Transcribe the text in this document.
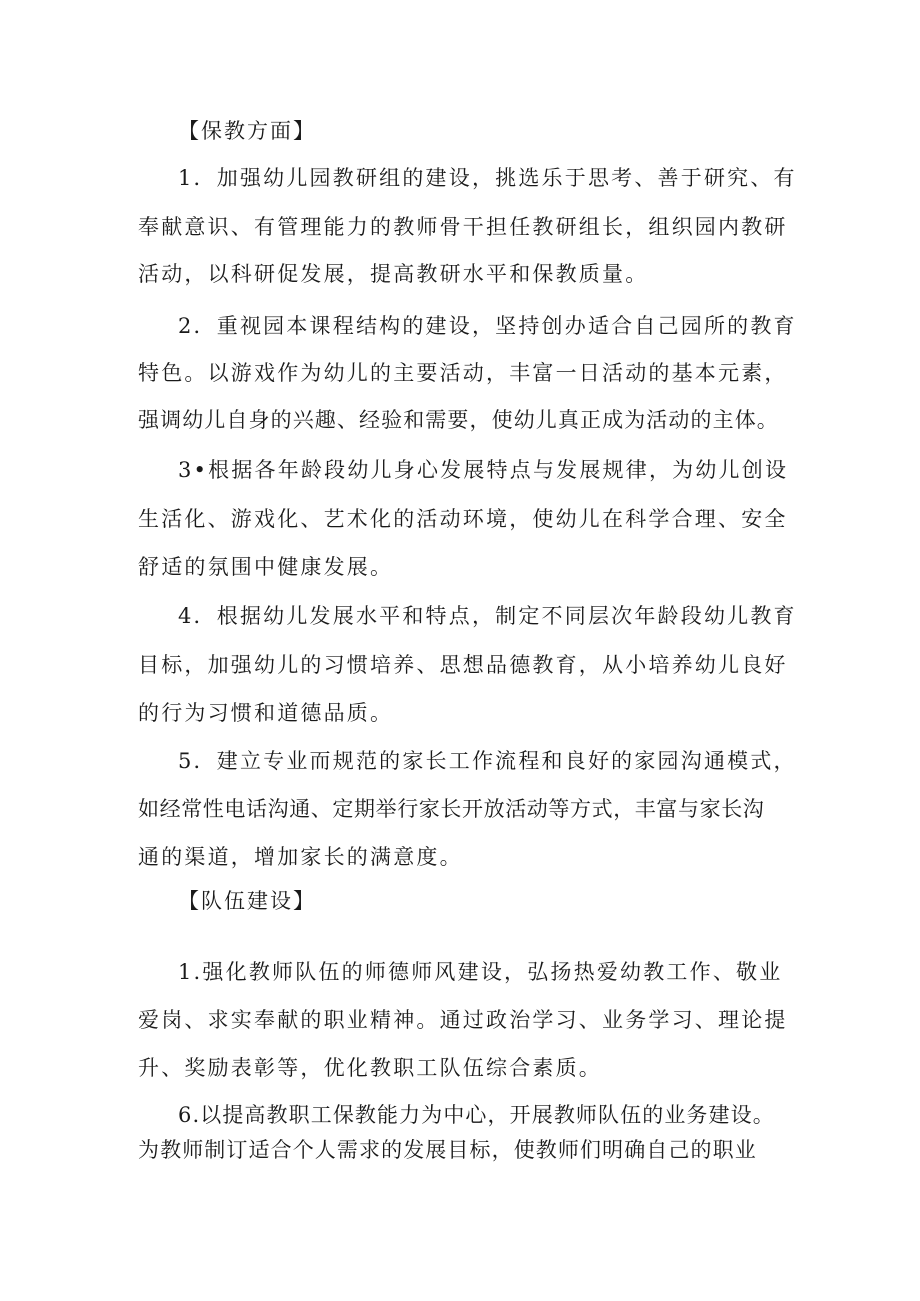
【保教方面】
1．加强幼儿园教研组的建设，挑选乐于思考、善于研究、有
奉献意识、有管理能力的教师骨干担任教研组长，组织园内教研
活动，以科研促发展，提高教研水平和保教质量。
2．重视园本课程结构的建设，坚持创办适合自己园所的教育
特色。以游戏作为幼儿的主要活动，丰富一日活动的基本元素，
强调幼儿自身的兴趣、经验和需要，使幼儿真正成为活动的主体。
3•根据各年龄段幼儿身心发展特点与发展规律，为幼儿创设
生活化、游戏化、艺术化的活动环境，使幼儿在科学合理、安全
舒适的氛围中健康发展。
4．根据幼儿发展水平和特点，制定不同层次年龄段幼儿教育
目标，加强幼儿的习惯培养、思想品德教育，从小培养幼儿良好
的行为习惯和道德品质。
5．建立专业而规范的家长工作流程和良好的家园沟通模式，
如经常性电话沟通、定期举行家长开放活动等方式，丰富与家长沟
通的渠道，增加家长的满意度。
【队伍建设】
1.强化教师队伍的师德师风建设，弘扬热爱幼教工作、敬业
爱岗、求实奉献的职业精神。通过政治学习、业务学习、理论提
升、奖励表彰等，优化教职工队伍综合素质。
6.以提高教职工保教能力为中心，开展教师队伍的业务建设。
为教师制订适合个人需求的发展目标，使教师们明确自己的职业
